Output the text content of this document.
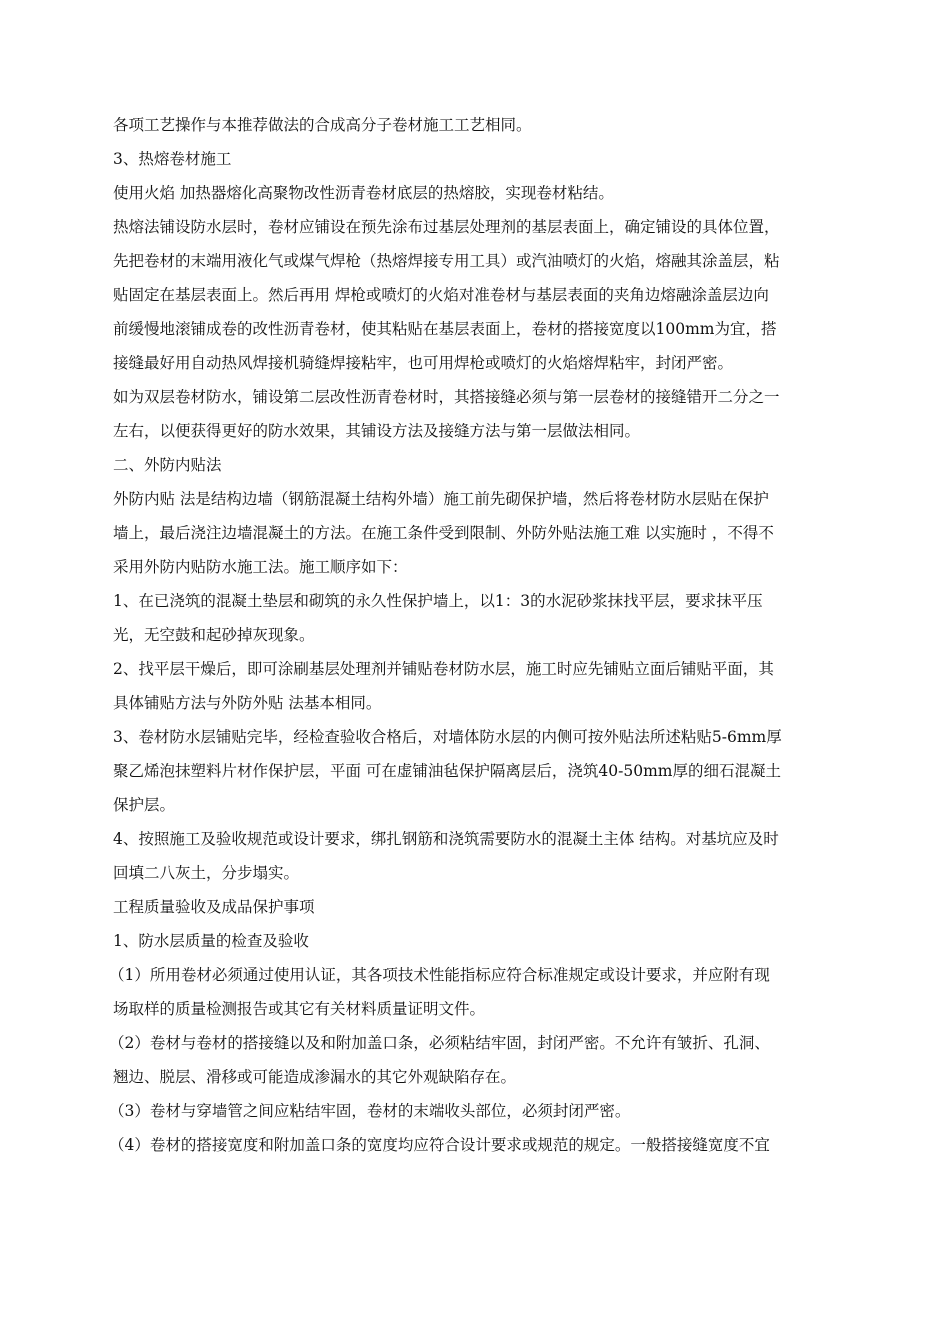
各项工艺操作与本推荐做法的合成高分子卷材施工工艺相同。

3、热熔卷材施工

使用火焰 加热器熔化高聚物改性沥青卷材底层的热熔胶，实现卷材粘结。

热熔法铺设防水层时，卷材应铺设在预先涂布过基层处理剂的基层表面上，确定铺设的具体位置，

先把卷材的末端用液化气或煤气焊枪（热熔焊接专用工具）或汽油喷灯的火焰，熔融其涂盖层，粘

贴固定在基层表面上。然后再用 焊枪或喷灯的火焰对准卷材与基层表面的夹角边熔融涂盖层边向

前缓慢地滚铺成卷的改性沥青卷材，使其粘贴在基层表面上，卷材的搭接宽度以100mm为宜，搭

接缝最好用自动热风焊接机骑缝焊接粘牢，也可用焊枪或喷灯的火焰熔焊粘牢，封闭严密。

如为双层卷材防水，铺设第二层改性沥青卷材时，其搭接缝必须与第一层卷材的接缝错开二分之一

左右，以便获得更好的防水效果，其铺设方法及接缝方法与第一层做法相同。

二、外防内贴法

外防内贴 法是结构边墙（钢筋混凝土结构外墙）施工前先砌保护墙，然后将卷材防水层贴在保护

墙上，最后浇注边墙混凝土的方法。在施工条件受到限制、外防外贴法施工难 以实施时 ，不得不

采用外防内贴防水施工法。施工顺序如下：

1、在已浇筑的混凝土垫层和砌筑的永久性保护墙上，以1：3的水泥砂浆抹找平层，要求抹平压

光，无空鼓和起砂掉灰现象。

2、找平层干燥后，即可涂刷基层处理剂并铺贴卷材防水层，施工时应先铺贴立面后铺贴平面，其

具体铺贴方法与外防外贴 法基本相同。

3、卷材防水层铺贴完毕，经检查验收合格后，对墙体防水层的内侧可按外贴法所述粘贴5-6mm厚

聚乙烯泡抹塑料片材作保护层，平面 可在虚铺油毡保护隔离层后，浇筑40-50mm厚的细石混凝土

保护层。

4、按照施工及验收规范或设计要求，绑扎钢筋和浇筑需要防水的混凝土主体 结构。对基坑应及时

回填二八灰土，分步塌实。

工程质量验收及成品保护事项

1、防水层质量的检查及验收

（1）所用卷材必须通过使用认证，其各项技术性能指标应符合标准规定或设计要求，并应附有现

场取样的质量检测报告或其它有关材料质量证明文件。

（2）卷材与卷材的搭接缝以及和附加盖口条，必须粘结牢固，封闭严密。不允许有皱折、孔洞、

翘边、脱层、滑移或可能造成渗漏水的其它外观缺陷存在。

（3）卷材与穿墙管之间应粘结牢固，卷材的末端收头部位，必须封闭严密。

（4）卷材的搭接宽度和附加盖口条的宽度均应符合设计要求或规范的规定。一般搭接缝宽度不宜
